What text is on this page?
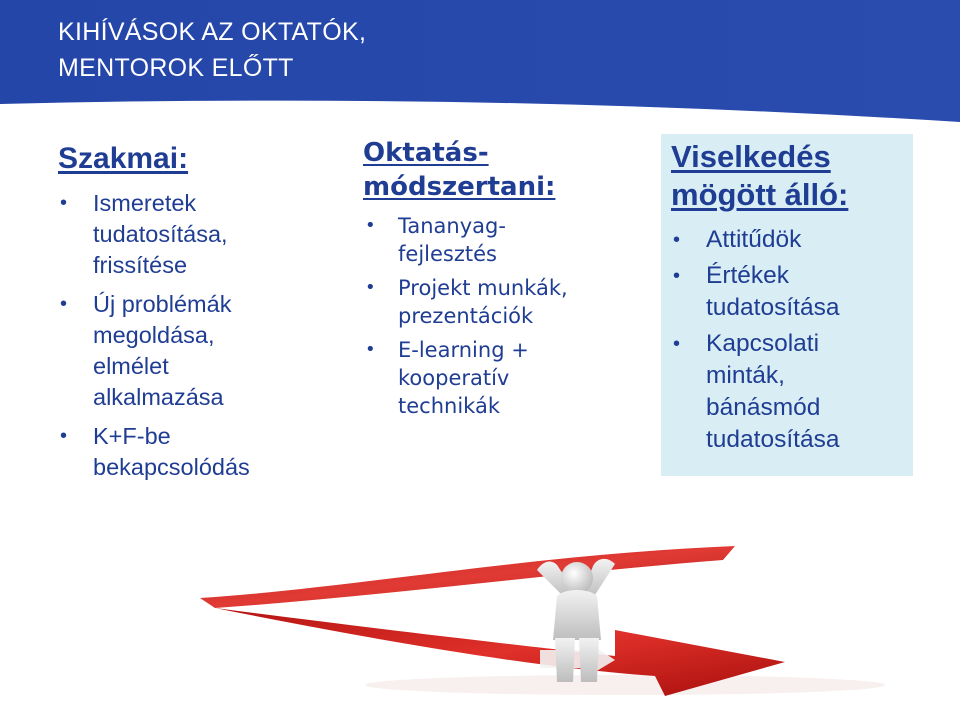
KIHÍVÁSOK AZ OKTATÓK,
MENTOROK ELŐTT
Szakmai:
• Ismeretek
tudatosítása,
frissítése
• Új problémák
megoldása,
elmélet
alkalmazása
• K+F-be
bekapcsolódás
Oktatás-
módszertani:
• Tananyag-
fejlesztés
• Projekt munkák,
prezentációk
• E-learning +
kooperatív
technikák
Viselkedés
mögött álló:
• Attitűdök
• Értékek
tudatosítása
• Kapcsolati
minták,
bánásmód
tudatosítása
